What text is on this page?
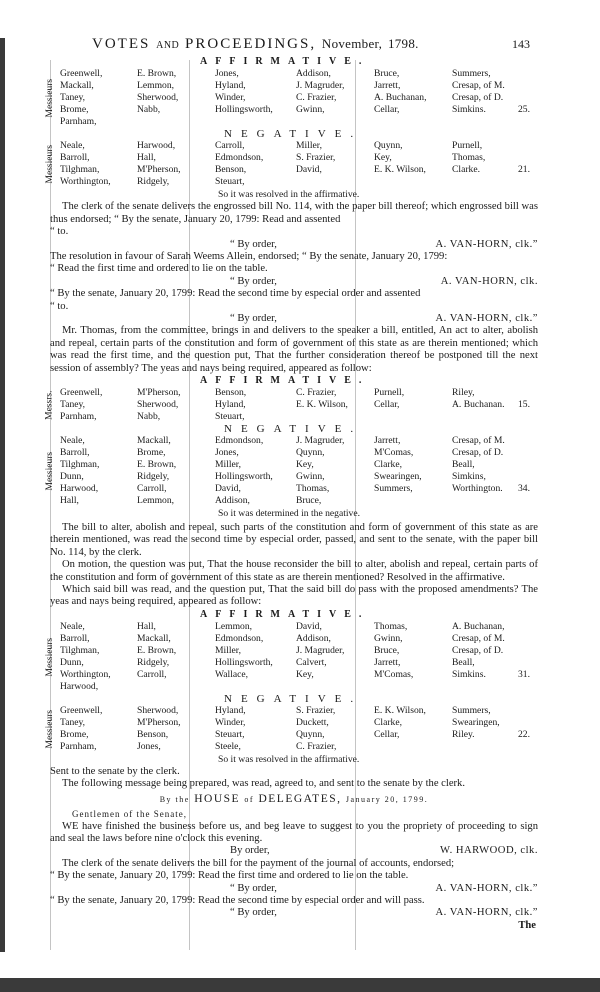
VOTES AND PROCEEDINGS, November, 1798.	143
AFFIRMATIVE.
Messieurs
Greenwell,	E. Brown,	Jones,	Addison,	Bruce,	Summers,
Mackall,	Lemmon,	Hyland,	J. Magruder,	Jarrett,	Cresap, of M.
Taney,	Sherwood,	Winder,	C. Frazier,	A. Buchanan,	Cresap, of D.
Brome,	Nabb,	Hollingsworth,	Gwinn,	Cellar,	Simkins.	25.
Parnham,
NEGATIVE.
Messieurs Neale,	Harwood,	Carroll,	Miller,	Quynn,	Purnell,
Barroll,	Hall,	Edmondson,	S. Frazier,	Key,	Thomas,
Tilghman,	M'Pherson,	Benson,	David,	E. K. Wilson,	Clarke.	21.
Worthington,	Ridgely,	Steuart,
So it was resolved in the affirmative.

The clerk of the senate delivers the engrossed bill No. 114, with the paper bill thereof; which engrossed bill was thus endorsed; “ By the senate, January 20, 1799: Read and assented

“ to.

“ By order,	A. VAN-HORN, clk.”

The resolution in favour of Sarah Weems Allein, endorsed; “ By the senate, January 20, 1799:

“ Read the first time and ordered to lie on the table.

“ By order,	A. VAN-HORN, clk.

“ By the senate, January 20, 1799: Read the second time by especial order and assented

“ to.

“ By order,	A. VAN-HORN, clk.”

Mr. Thomas, from the committee, brings in and delivers to the speaker a bill, entitled, An act to alter, abolish and repeal, certain parts of the constitution and form of government of this state as are therein mentioned; which was read the first time, and the question put, That the further consideration thereof be postponed till the next session of assembly? The yeas and nays being required, appeared as follow:

AFFIRMATIVE.
Messrs. Greenwell,	M'Pherson,	Benson,	C. Frazier,	Purnell,	Riley,
Taney,	Sherwood,	Hyland,	E. K. Wilson,	Cellar,	A. Buchanan.	15.
Parnham,	Nabb,	Steuart,
NEGATIVE.
Messieurs
Neale,	Mackall,	Edmondson,	J. Magruder,	Jarrett,	Cresap, of M.
Barroll,	Brome,	Jones,	Quynn,	M'Comas,	Cresap, of D.
Tilghman,	E. Brown,	Miller,	Key,	Clarke,	Beall,
Dunn,	Ridgely,	Hollingsworth,	Gwinn,	Swearingen,	Simkins,
Harwood,	Carroll,	David,	Thomas,	Summers,	Worthington.	34.
Hall,	Lemmon,	Addison,	Bruce,
So it was determined in the negative.

The bill to alter, abolish and repeal, such parts of the constitution and form of government of this state as are therein mentioned, was read the second time by especial order, passed, and sent to the senate, with the paper bill No. 114, by the clerk.

On motion, the question was put, That the house reconsider the bill to alter, abolish and repeal, certain parts of the constitution and form of government of this state as are therein mentioned? Resolved in the affirmative.

Which said bill was read, and the question put, That the said bill do pass with the proposed amendments? The yeas and nays being required, appeared as follow:

AFFIRMATIVE.
Messieurs
Neale,	Hall,	Lemmon,	David,	Thomas,	A. Buchanan,
Barroll,	Mackall,	Edmondson,	Addison,	Gwinn,	Cresap, of M.
Tilghman,	E. Brown,	Miller,	J. Magruder,	Bruce,	Cresap, of D.
Dunn,	Ridgely,	Hollingsworth,	Calvert,	Jarrett,	Beall,
Worthington,	Carroll,	Wallace,	Key,	M'Comas,	Simkins.	31.
Harwood,
NEGATIVE.
Messieurs Greenwell,	Sherwood,	Hyland,	S. Frazier,	E. K. Wilson,	Summers,
Taney,	M'Pherson,	Winder,	Duckett,	Clarke,	Swearingen,
Brome,	Benson,	Steuart,	Quynn,	Cellar,	Riley.	22.
Parnham,	Jones,	Steele,	C. Frazier,
So it was resolved in the affirmative.

Sent to the senate by the clerk.

The following message being prepared, was read, agreed to, and sent to the senate by the clerk.

By the HOUSE of DELEGATES, January 20, 1799.
Gentlemen of the Senate,

WE have finished the business before us, and beg leave to suggest to you the propriety of proceeding to sign and seal the laws before nine o'clock this evening.

By order,	W. HARWOOD, clk.

The clerk of the senate delivers the bill for the payment of the journal of accounts, endorsed;

“ By the senate, January 20, 1799: Read the first time and ordered to lie on the table.

“ By order,	A. VAN-HORN, clk.”

“ By the senate, January 20, 1799: Read the second time by especial order and will pass.

“ By order,	A. VAN-HORN, clk.”
The
